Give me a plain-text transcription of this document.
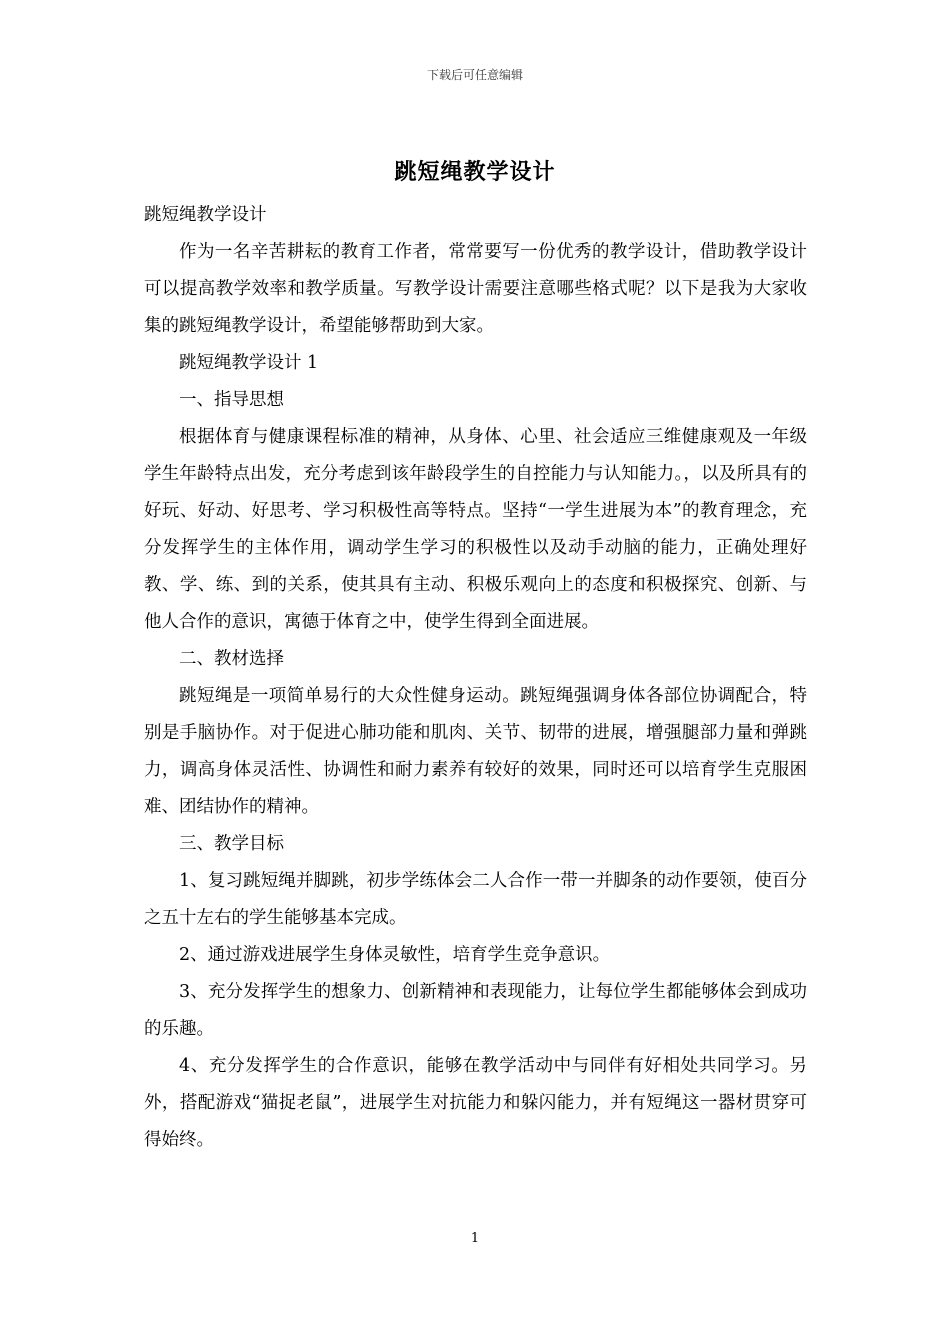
下载后可任意编辑
跳短绳教学设计

跳短绳教学设计

作为一名辛苦耕耘的教育工作者，常常要写一份优秀的教学设计，借助教学设计可以提高教学效率和教学质量。写教学设计需要注意哪些格式呢？以下是我为大家收集的跳短绳教学设计，希望能够帮助到大家。

跳短绳教学设计 1

一、指导思想

根据体育与健康课程标准的精神，从身体、心里、社会适应三维健康观及一年级学生年龄特点出发，充分考虑到该年龄段学生的自控能力与认知能力。，以及所具有的好玩、好动、好思考、学习积极性高等特点。坚持“一学生进展为本”的教育理念，充分发挥学生的主体作用，调动学生学习的积极性以及动手动脑的能力，正确处理好教、学、练、到的关系，使其具有主动、积极乐观向上的态度和积极探究、创新、与他人合作的意识，寓德于体育之中，使学生得到全面进展。

二、教材选择

跳短绳是一项简单易行的大众性健身运动。跳短绳强调身体各部位协调配合，特别是手脑协作。对于促进心肺功能和肌肉、关节、韧带的进展，增强腿部力量和弹跳力，调高身体灵活性、协调性和耐力素养有较好的效果，同时还可以培育学生克服困难、团结协作的精神。

三、教学目标

1、复习跳短绳并脚跳，初步学练体会二人合作一带一并脚条的动作要领，使百分之五十左右的学生能够基本完成。

2、通过游戏进展学生身体灵敏性，培育学生竞争意识。

3、充分发挥学生的想象力、创新精神和表现能力，让每位学生都能够体会到成功的乐趣。

4、充分发挥学生的合作意识，能够在教学活动中与同伴有好相处共同学习。另外，搭配游戏“猫捉老鼠”，进展学生对抗能力和躲闪能力，并有短绳这一器材贯穿可得始终。

1
